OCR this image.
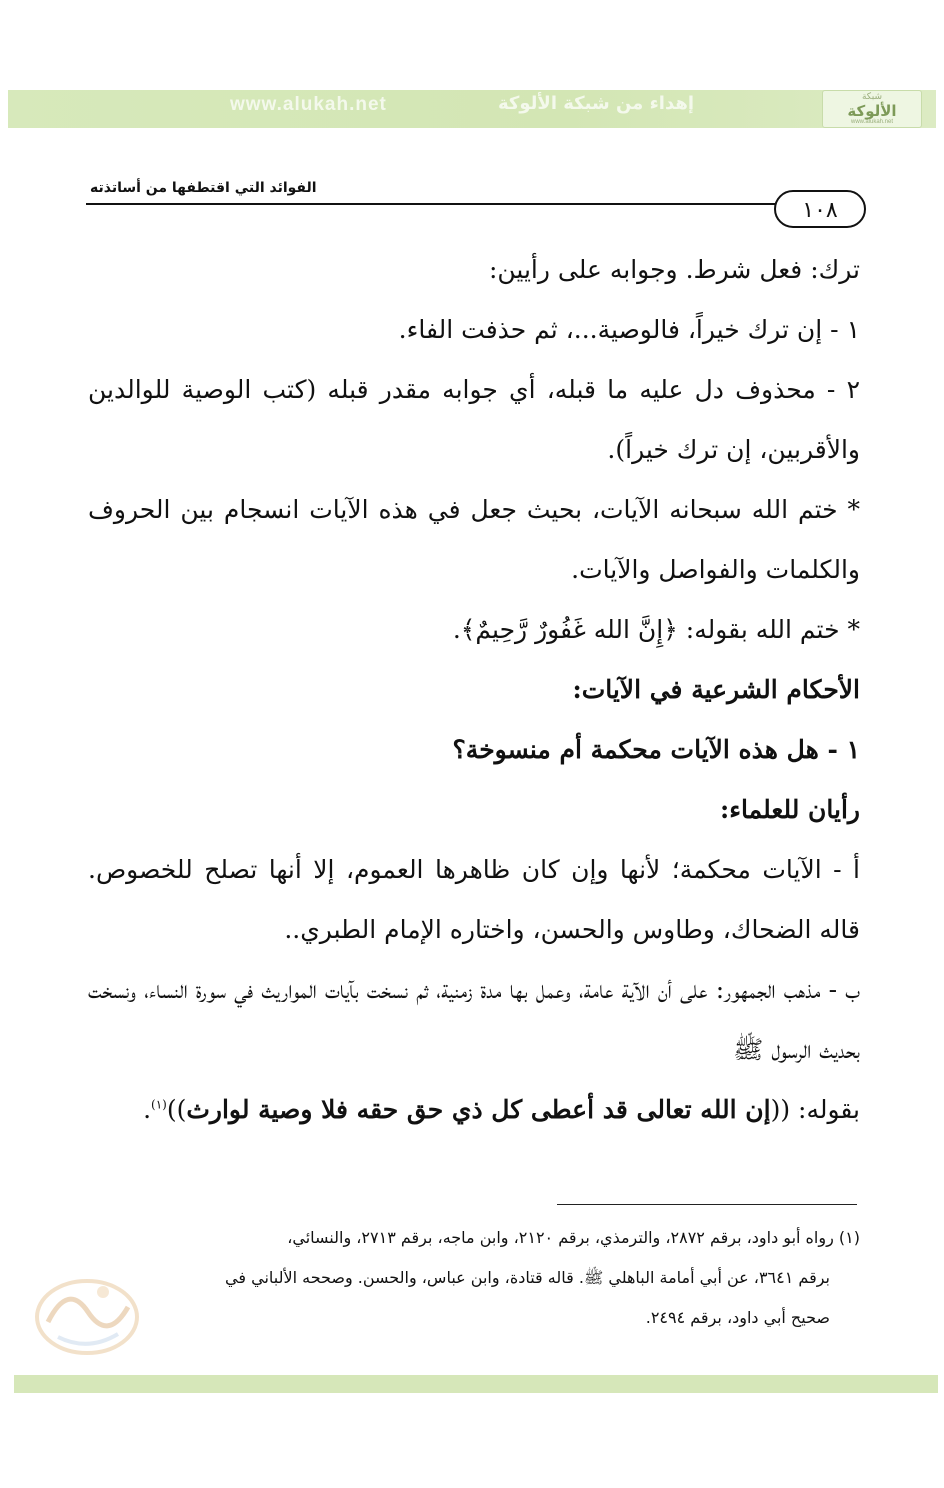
www.alukah.net	إهداء من شبكة الألوكة	شبكة
الألوكة
www.alukah.net
الفوائد التي اقتطفها من أساتذته
١٠٨

ترك: فعل شرط. وجوابه على رأيين:

١ - إن ترك خيراً، فالوصية...، ثم حذفت الفاء.

٢ - محذوف دل عليه ما قبله، أي جوابه مقدر قبله (كتب الوصية للوالدين والأقربين، إن ترك خيراً).

* ختم الله سبحانه الآيات، بحيث جعل في هذه الآيات انسجام بين الحروف والكلمات والفواصل والآيات.

* ختم الله بقوله: ﴿إِنَّ الله غَفُورٌ رَّحِيمٌ﴾.

الأحكام الشرعية في الآيات:

١ - هل هذه الآيات محكمة أم منسوخة؟

رأيان للعلماء:

أ - الآيات محكمة؛ لأنها وإن كان ظاهرها العموم، إلا أنها تصلح للخصوص. قاله الضحاك، وطاوس والحسن، واختاره الإمام الطبري..

ب - مذهب الجمهور: على أن الآية عامة، وعمل بها مدة زمنية، ثم نسخت بآيات المواريث في سورة النساء، ونسخت بحديث الرسول ﷺ

بقوله: ((إن الله تعالى قد أعطى كل ذي حق حقه فلا وصية لوارث))$^{(١)}$.

(١) رواه أبو داود، برقم ٢٨٧٢، والترمذي، برقم ٢١٢٠، وابن ماجه، برقم ٢٧١٣، والنسائي،

برقم ٣٦٤١، عن أبي أمامة الباهلي ﷺ. قاله قتادة، وابن عباس، والحسن. وصححه الألباني في

صحيح أبي داود، برقم ٢٤٩٤.
